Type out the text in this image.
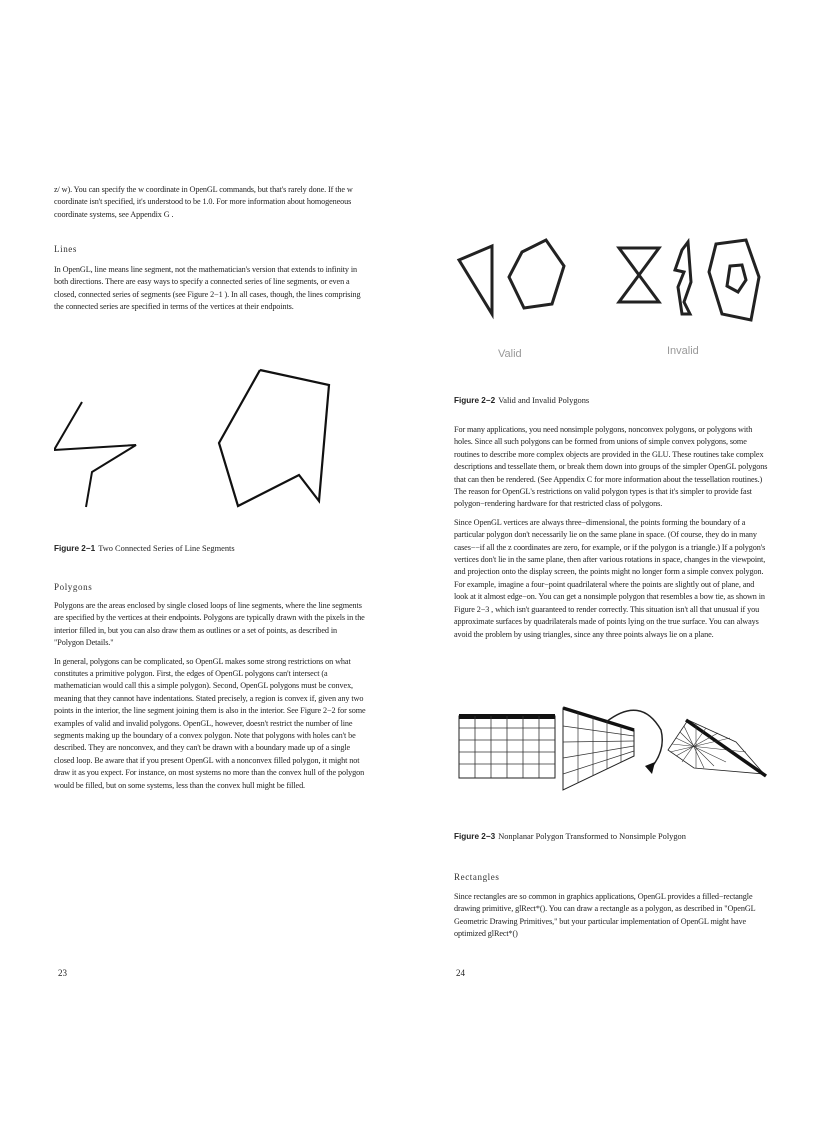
z/ w). You can specify the w coordinate in OpenGL commands, but that's rarely done. If the w coordinate isn't specified, it's understood to be 1.0. For more information about homogeneous coordinate systems, see Appendix G .

Lines

In OpenGL, line means line segment, not the mathematician's version that extends to infinity in both directions. There are easy ways to specify a connected series of line segments, or even a closed, connected series of segments (see Figure 2−1 ). In all cases, though, the lines comprising the connected series are specified in terms of the vertices at their endpoints.

Figure 2−1 Two Connected Series of Line Segments
Polygons

Polygons are the areas enclosed by single closed loops of line segments, where the line segments are specified by the vertices at their endpoints. Polygons are typically drawn with the pixels in the interior filled in, but you can also draw them as outlines or a set of points, as described in "Polygon Details."

In general, polygons can be complicated, so OpenGL makes some strong restrictions on what constitutes a primitive polygon. First, the edges of OpenGL polygons can't intersect (a mathematician would call this a simple polygon). Second, OpenGL polygons must be convex, meaning that they cannot have indentations. Stated precisely, a region is convex if, given any two points in the interior, the line segment joining them is also in the interior. See Figure 2−2 for some examples of valid and invalid polygons. OpenGL, however, doesn't restrict the number of line segments making up the boundary of a convex polygon. Note that polygons with holes can't be described. They are nonconvex, and they can't be drawn with a boundary made up of a single closed loop. Be aware that if you present OpenGL with a nonconvex filled polygon, it might not draw it as you expect. For instance, on most systems no more than the convex hull of the polygon would be filled, but on some systems, less than the convex hull might be filled.

23
Valid	Invalid
Figure 2−2 Valid and Invalid Polygons

For many applications, you need nonsimple polygons, nonconvex polygons, or polygons with holes. Since all such polygons can be formed from unions of simple convex polygons, some routines to describe more complex objects are provided in the GLU. These routines take complex descriptions and tessellate them, or break them down into groups of the simpler OpenGL polygons that can then be rendered. (See Appendix C for more information about the tessellation routines.) The reason for OpenGL's restrictions on valid polygon types is that it's simpler to provide fast polygon−rendering hardware for that restricted class of polygons.

Since OpenGL vertices are always three−dimensional, the points forming the boundary of a particular polygon don't necessarily lie on the same plane in space. (Of course, they do in many cases−−if all the z coordinates are zero, for example, or if the polygon is a triangle.) If a polygon's vertices don't lie in the same plane, then after various rotations in space, changes in the viewpoint, and projection onto the display screen, the points might no longer form a simple convex polygon. For example, imagine a four−point quadrilateral where the points are slightly out of plane, and look at it almost edge−on. You can get a nonsimple polygon that resembles a bow tie, as shown in Figure 2−3 , which isn't guaranteed to render correctly. This situation isn't all that unusual if you approximate surfaces by quadrilaterals made of points lying on the true surface. You can always avoid the problem by using triangles, since any three points always lie on a plane.

Figure 2−3 Nonplanar Polygon Transformed to Nonsimple Polygon
Rectangles

Since rectangles are so common in graphics applications, OpenGL provides a filled−rectangle drawing primitive, glRect*(). You can draw a rectangle as a polygon, as described in "OpenGL Geometric Drawing Primitives," but your particular implementation of OpenGL might have optimized glRect*()

24
